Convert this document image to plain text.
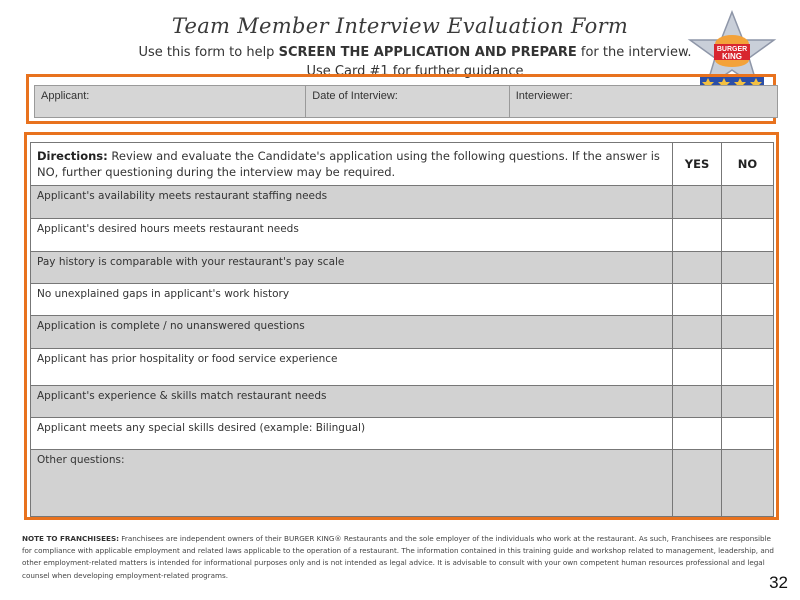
Team Member Interview Evaluation Form
Use this form to help SCREEN THE APPLICATION AND PREPARE for the interview.
Use Card #1 for further guidance
BURGER
KING
Applicant:	Date of Interview:	Interviewer:
Directions: Review and evaluate the Candidate's application using the following questions. If the answer is NO, further questioning during the interview may be required.	YES	NO
Applicant's availability meets restaurant staffing needs		
Applicant's desired hours meets restaurant needs		
Pay history is comparable with your restaurant's pay scale		
No unexplained gaps in applicant's work history		
Application is complete / no unanswered questions		
Applicant has prior hospitality or food service experience		
Applicant's experience & skills match restaurant needs		
Applicant meets any special skills desired (example: Bilingual)		
Other questions:		
NOTE TO FRANCHISEES: Franchisees are independent owners of their BURGER KING® Restaurants and the sole employer of the individuals who work at the restaurant. As such, Franchisees are responsible for compliance with applicable employment and related laws applicable to the operation of a restaurant. The information contained in this training guide and workshop related to management, leadership, and other employment-related matters is intended for informational purposes only and is not intended as legal advice. It is advisable to consult with your own competent human resources professional and legal counsel when developing employment-related programs.	32
